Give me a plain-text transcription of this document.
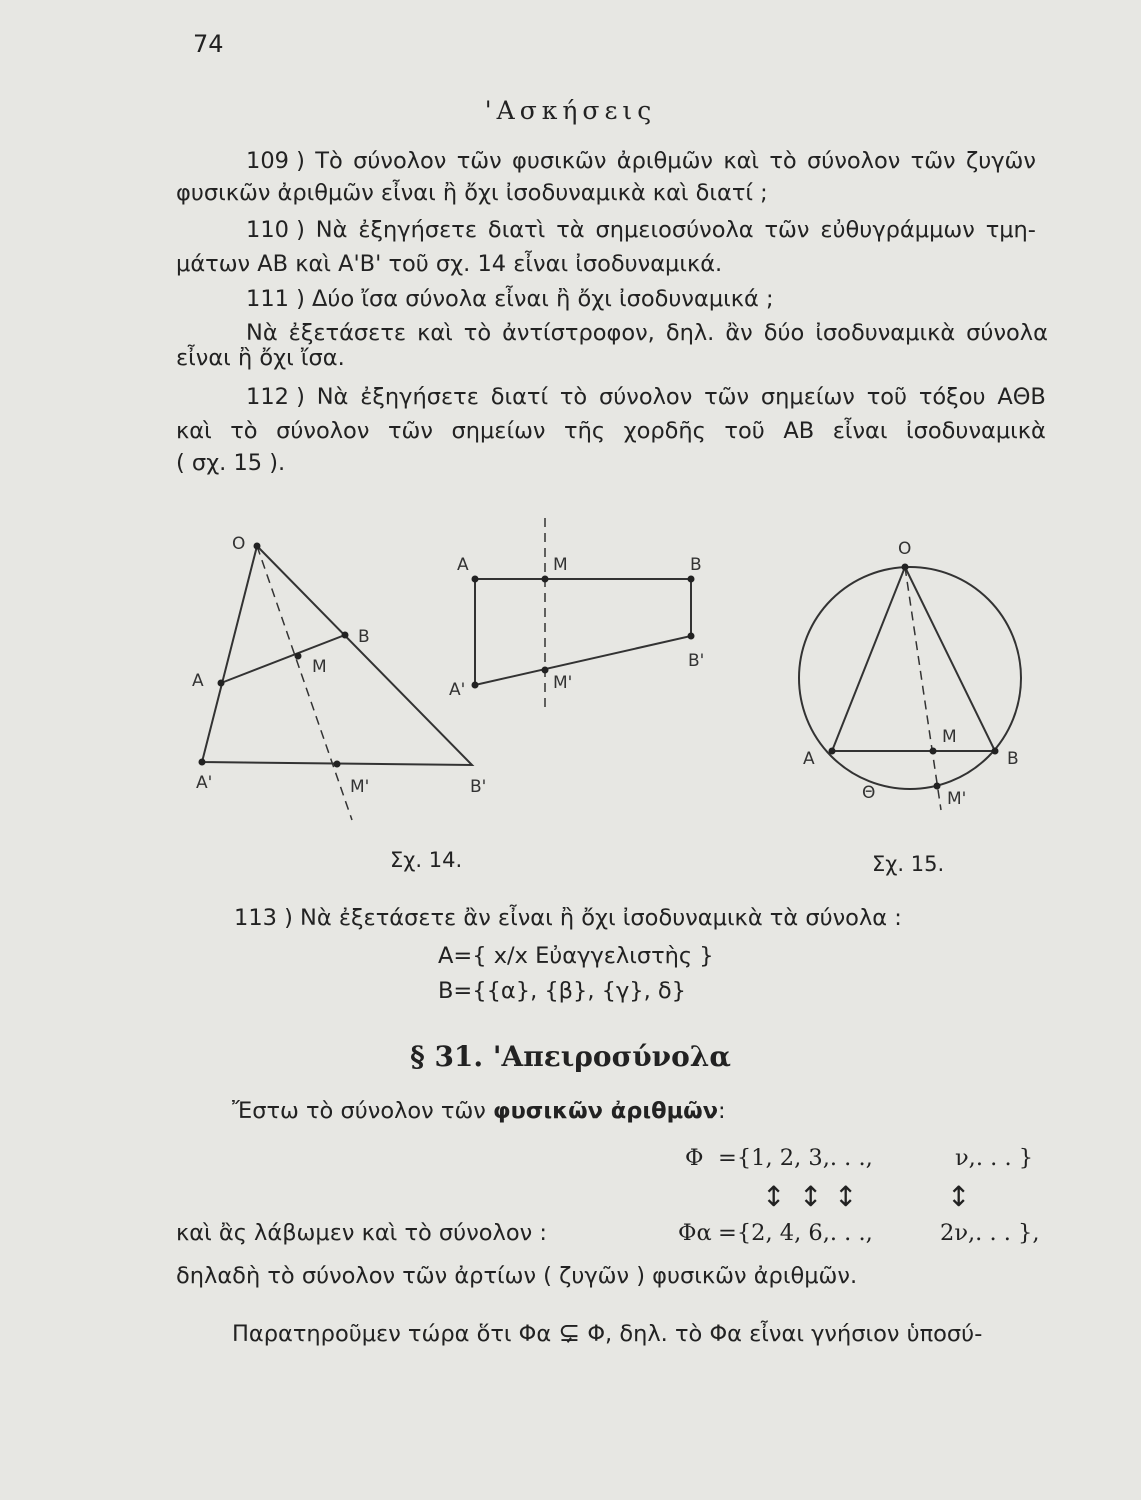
74
'Ασκήσεις
109 ) Τὸ σύνολον τῶν φυσικῶν ἀριθμῶν καὶ τὸ σύνολον τῶν ζυγῶν
φυσικῶν ἀριθμῶν εἶναι ἢ ὄχι ἰσοδυναμικὰ καὶ διατί ;
110 ) Νὰ ἐξηγήσετε διατὶ τὰ σημειοσύνολα τῶν εὐθυγράμμων τμη-
μάτων AB καὶ A'B' τοῦ σχ. 14 εἶναι ἰσοδυναμικά.
111 ) Δύο ἴσα σύνολα εἶναι ἢ ὄχι ἰσοδυναμικά ;
Νὰ ἐξετάσετε καὶ τὸ ἀντίστροφον, δηλ. ἂν δύο ἰσοδυναμικὰ σύνολα
εἶναι ἢ ὄχι ἴσα.
112 ) Νὰ ἐξηγήσετε διατί τὸ σύνολον τῶν σημείων τοῦ τόξου AΘB
καὶ τὸ σύνολον τῶν σημείων τῆς χορδῆς τοῦ AB εἶναι ἰσοδυναμικὰ
( σχ. 15 ).
O
A
B
M
A'	M'	B'
A	M	B
B'
M'
A'
O
A	B
M
Θ	M'
Σχ. 14.	Σχ. 15.
113 ) Νὰ ἐξετάσετε ἂν εἶναι ἢ ὄχι ἰσοδυναμικὰ τὰ σύνολα :
A={ x/x Εὐαγγελιστὴς }
B={{α}, {β}, {γ}, δ}
§ 31. 'Απειροσύνολα
Ἔστω τὸ σύνολον τῶν φυσικῶν ἀριθμῶν:
Φ ={1, 2, 3,. . .,	ν,. . . }
↕ ↕ ↕	↕
καὶ ἂς λάβωμεν καὶ τὸ σύνολον :	Φα ={2, 4, 6,. . .,	2ν,. . . },
δηλαδὴ τὸ σύνολον τῶν ἀρτίων ( ζυγῶν ) φυσικῶν ἀριθμῶν.
Παρατηροῦμεν τώρα ὅτι Φα ⊊ Φ, δηλ. τὸ Φα εἶναι γνήσιον ὑποσύ-
